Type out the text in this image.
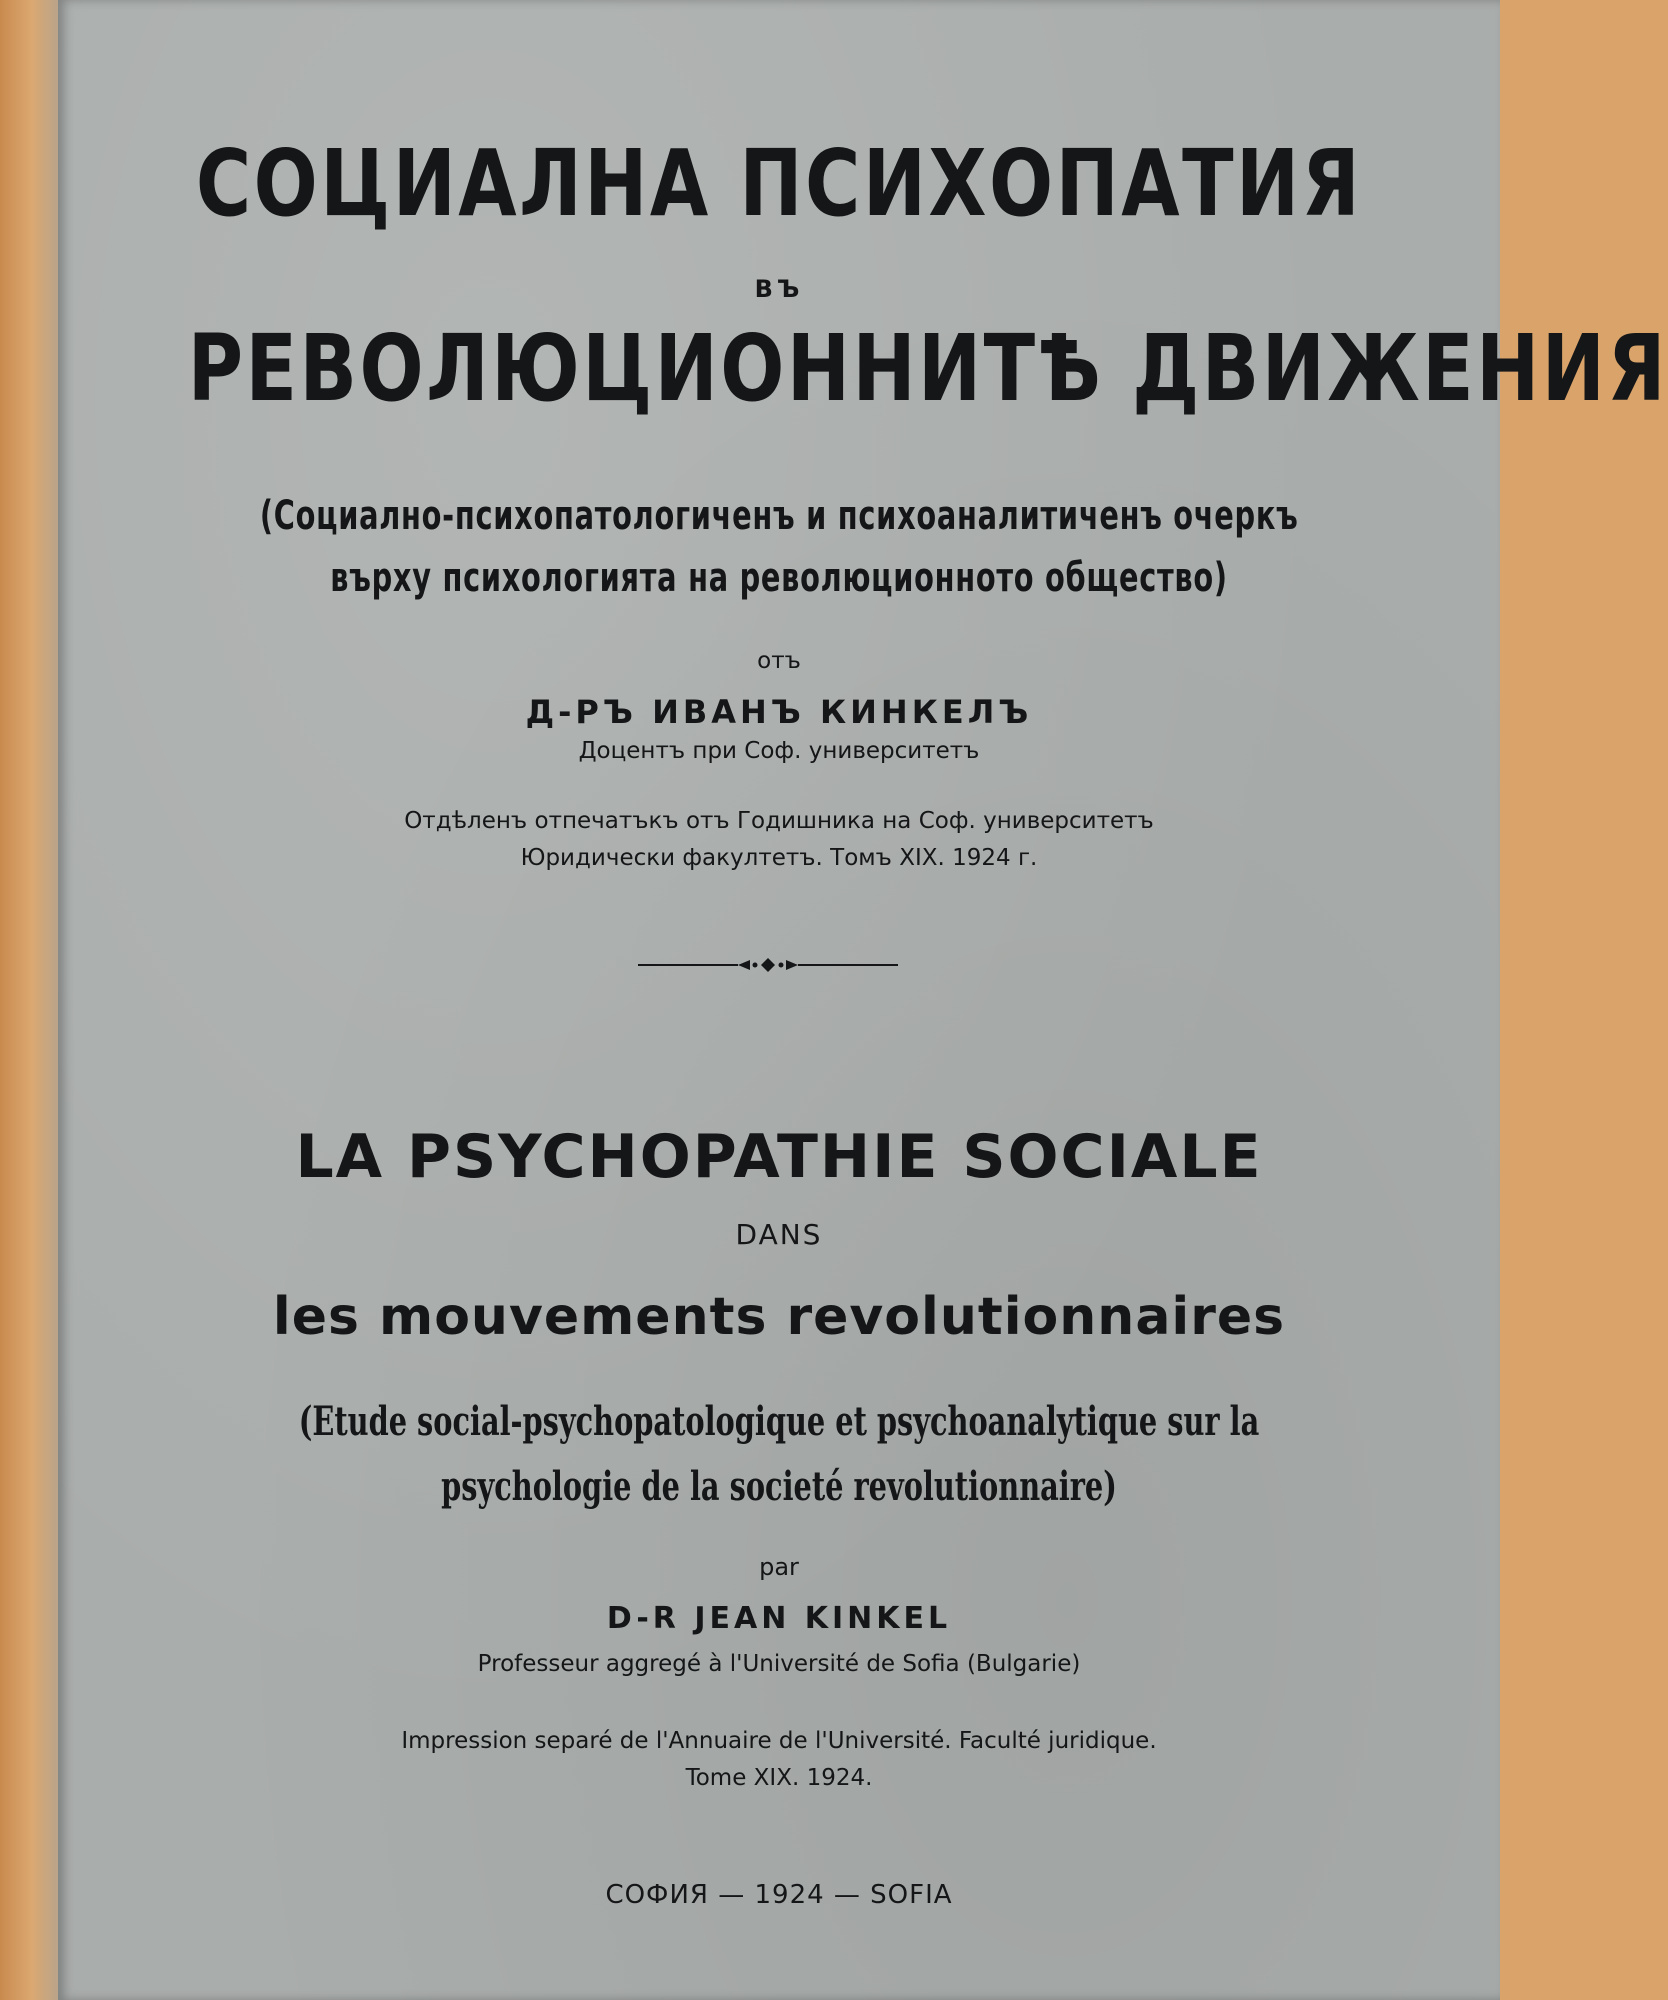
СОЦИАЛНА ПСИХОПАТИЯ
ВЪ
РЕВОЛЮЦИОННИТѢ ДВИЖЕНИЯ
(Социално-психопатологиченъ и психоаналитиченъ очеркъ
върху психологията на революционното общество)
отъ
Д-РЪ ИВАНЪ КИНКЕЛЪ
Доцентъ при Соф. университетъ
Отдѣленъ отпечатъкъ отъ Годишника на Соф. университетъ
Юридически факултетъ. Томъ XIX. 1924 г.
LA PSYCHOPATHIE SOCIALE
DANS
les mouvements revolutionnaires
(Etude social-psychopatologique et psychoanalytique sur la
psychologie de la societé revolutionnaire)
par
D-R JEAN KINKEL
Professeur aggregé à l'Université de Sofia (Bulgarie)
Impression separé de l'Annuaire de l'Université. Faculté juridique.
Tome XIX. 1924.
СОФИЯ — 1924 — SOFIA
